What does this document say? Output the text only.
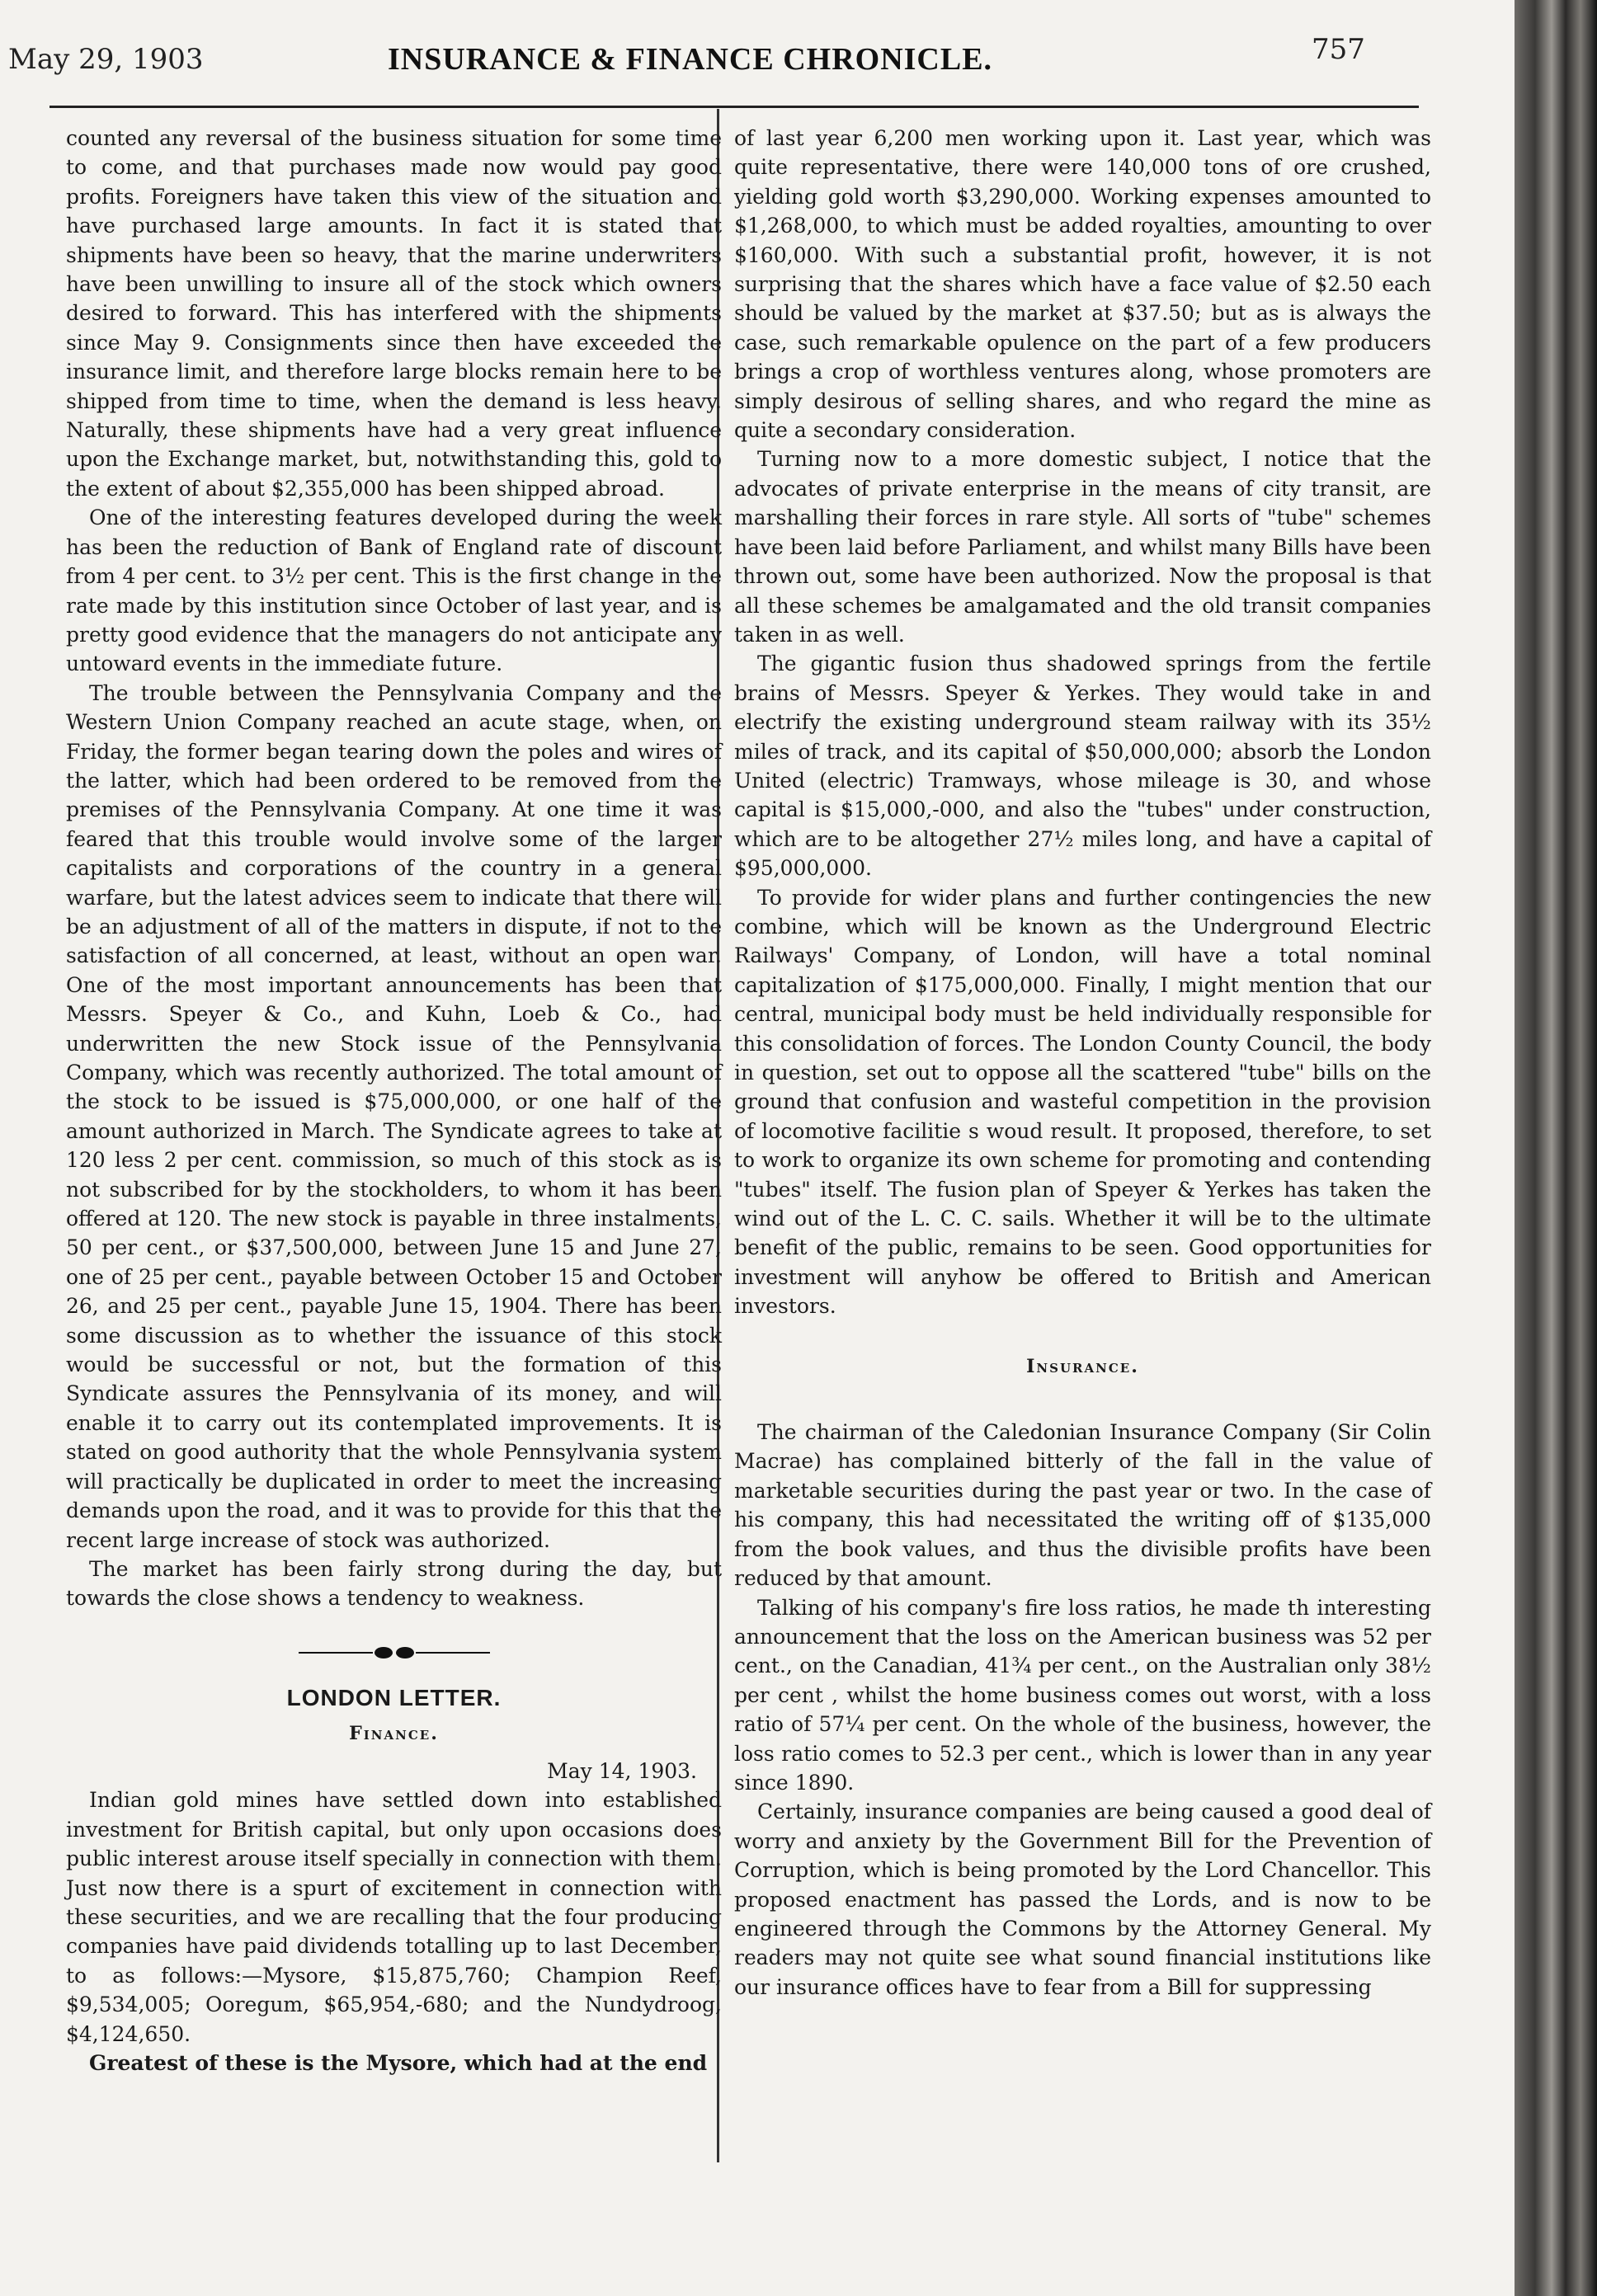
May 29, 1903	INSURANCE & FINANCE CHRONICLE.	757

counted any reversal of the business situation for some time to come, and that purchases made now would pay good profits. Foreigners have taken this view of the situation and have purchased large amounts. In fact it is stated that shipments have been so heavy, that the marine underwriters have been unwilling to insure all of the stock which owners desired to forward. This has interfered with the shipments since May 9. Consignments since then have exceeded the insurance limit, and therefore large blocks remain here to be shipped from time to time, when the demand is less heavy. Naturally, these shipments have had a very great influence upon the Exchange market, but, notwithstanding this, gold to the extent of about $2,355,000 has been shipped abroad.

One of the interesting features developed during the week has been the reduction of Bank of England rate of discount from 4 per cent. to 3½ per cent. This is the first change in the rate made by this institution since October of last year, and is pretty good evidence that the managers do not anticipate any untoward events in the immediate future.

The trouble between the Pennsylvania Company and the Western Union Company reached an acute stage, when, on Friday, the former began tearing down the poles and wires of the latter, which had been ordered to be removed from the premises of the Pennsylvania Company. At one time it was feared that this trouble would involve some of the larger capitalists and corporations of the country in a general warfare, but the latest advices seem to indicate that there will be an adjustment of all of the matters in dispute, if not to the satisfaction of all concerned, at least, without an open war. One of the most important announcements has been that Messrs. Speyer & Co., and Kuhn, Loeb & Co., had underwritten the new Stock issue of the Pennsylvania Company, which was recently authorized. The total amount of the stock to be issued is $75,000,000, or one half of the amount authorized in March. The Syndicate agrees to take at 120 less 2 per cent. commission, so much of this stock as is not subscribed for by the stockholders, to whom it has been offered at 120. The new stock is payable in three instalments, 50 per cent., or $37,500,000, between June 15 and June 27, one of 25 per cent., payable between October 15 and October 26, and 25 per cent., payable June 15, 1904. There has been some discussion as to whether the issuance of this stock would be successful or not, but the formation of this Syndicate assures the Pennsylvania of its money, and will enable it to carry out its contemplated improvements. It is stated on good authority that the whole Pennsylvania system will practically be duplicated in order to meet the increasing demands upon the road, and it was to provide for this that the recent large increase of stock was authorized.

The market has been fairly strong during the day, but towards the close shows a tendency to weakness.

LONDON LETTER.
Finance.
May 14, 1903.

Indian gold mines have settled down into established investment for British capital, but only upon occasions does public interest arouse itself specially in connection with them. Just now there is a spurt of excitement in connection with these securities, and we are recalling that the four producing companies have paid dividends totalling up to last December, to as follows:—Mysore, $15,875,760; Champion Reef, $9,534,005; Ooregum, $65,954,-680; and the Nundydroog, $4,124,650.

Greatest of these is the Mysore, which had at the end

of last year 6,200 men working upon it. Last year, which was quite representative, there were 140,000 tons of ore crushed, yielding gold worth $3,290,000. Working expenses amounted to $1,268,000, to which must be added royalties, amounting to over $160,000. With such a substantial profit, however, it is not surprising that the shares which have a face value of $2.50 each should be valued by the market at $37.50; but as is always the case, such remarkable opulence on the part of a few producers brings a crop of worthless ventures along, whose promoters are simply desirous of selling shares, and who regard the mine as quite a secondary consideration.

Turning now to a more domestic subject, I notice that the advocates of private enterprise in the means of city transit, are marshalling their forces in rare style. All sorts of "tube" schemes have been laid before Parliament, and whilst many Bills have been thrown out, some have been authorized. Now the proposal is that all these schemes be amalgamated and the old transit companies taken in as well.

The gigantic fusion thus shadowed springs from the fertile brains of Messrs. Speyer & Yerkes. They would take in and electrify the existing underground steam railway with its 35½ miles of track, and its capital of $50,000,000; absorb the London United (electric) Tramways, whose mileage is 30, and whose capital is $15,000,-000, and also the "tubes" under construction, which are to be altogether 27½ miles long, and have a capital of $95,000,000.

To provide for wider plans and further contingencies the new combine, which will be known as the Underground Electric Railways' Company, of London, will have a total nominal capitalization of $175,000,000. Finally, I might mention that our central, municipal body must be held individually responsible for this consolidation of forces. The London County Council, the body in question, set out to oppose all the scattered "tube" bills on the ground that confusion and wasteful competition in the provision of locomotive facilitie s woud result. It proposed, therefore, to set to work to organize its own scheme for promoting and contending "tubes" itself. The fusion plan of Speyer & Yerkes has taken the wind out of the L. C. C. sails. Whether it will be to the ultimate benefit of the public, remains to be seen. Good opportunities for investment will anyhow be offered to British and American investors.

Insurance.

The chairman of the Caledonian Insurance Company (Sir Colin Macrae) has complained bitterly of the fall in the value of marketable securities during the past year or two. In the case of his company, this had necessitated the writing off of $135,000 from the book values, and thus the divisible profits have been reduced by that amount.

Talking of his company's fire loss ratios, he made th interesting announcement that the loss on the American business was 52 per cent., on the Canadian, 41¾ per cent., on the Australian only 38½ per cent , whilst the home business comes out worst, with a loss ratio of 57¼ per cent. On the whole of the business, however, the loss ratio comes to 52.3 per cent., which is lower than in any year since 1890.

Certainly, insurance companies are being caused a good deal of worry and anxiety by the Government Bill for the Prevention of Corruption, which is being promoted by the Lord Chancellor. This proposed enactment has passed the Lords, and is now to be engineered through the Commons by the Attorney General. My readers may not quite see what sound financial institutions like our insurance offices have to fear from a Bill for suppressing
